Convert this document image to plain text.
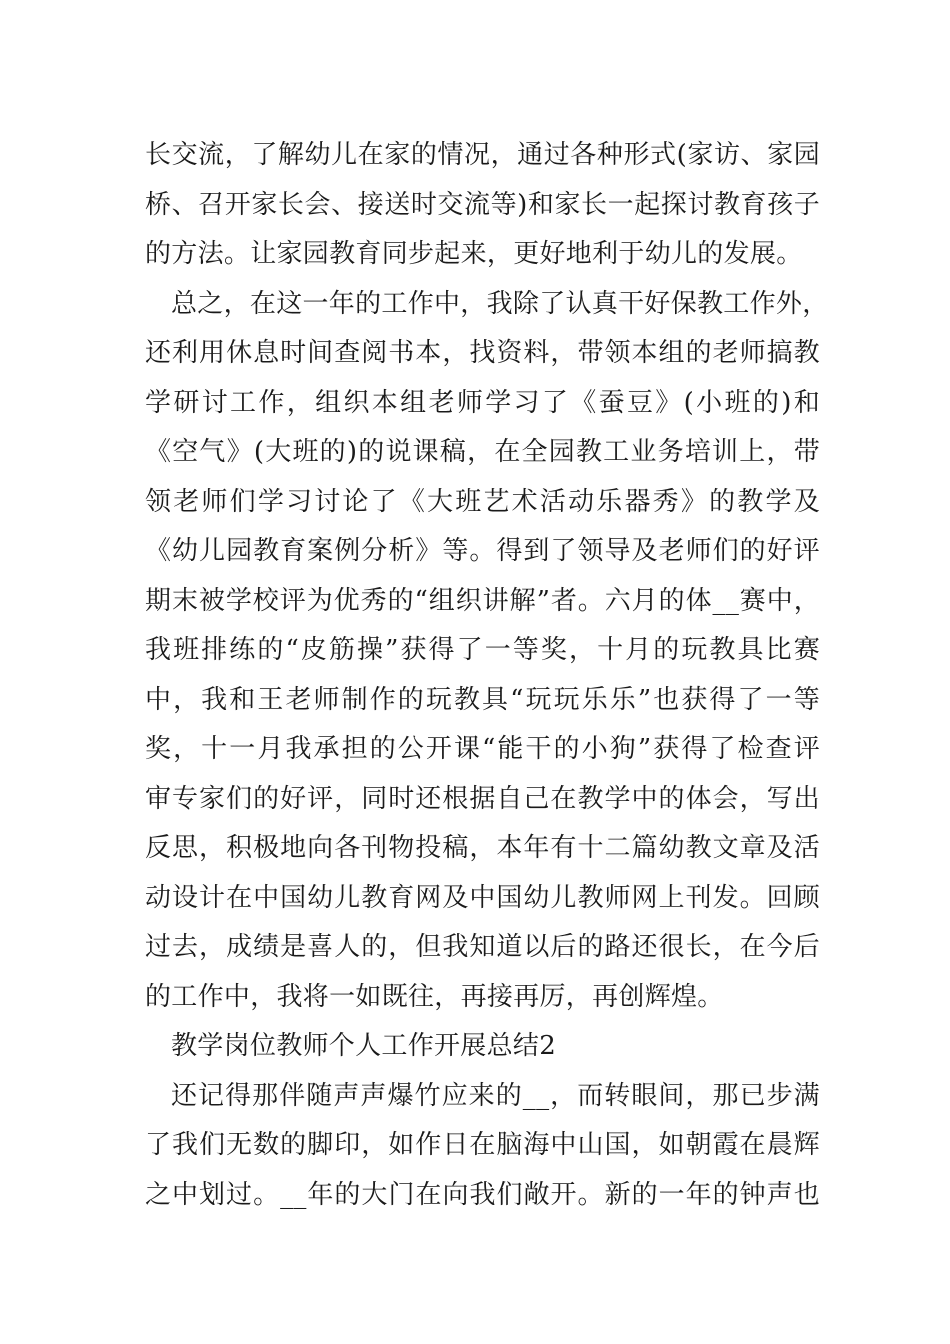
长交流，了解幼儿在家的情况，通过各种形式(家访、家园
桥、召开家长会、接送时交流等)和家长一起探讨教育孩子
的方法。让家园教育同步起来，更好地利于幼儿的发展。
总之，在这一年的工作中，我除了认真干好保教工作外，
还利用休息时间查阅书本，找资料，带领本组的老师搞教
学研讨工作，组织本组老师学习了《蚕豆》(小班的)和
《空气》(大班的)的说课稿，在全园教工业务培训上，带
领老师们学习讨论了《大班艺术活动乐器秀》的教学及
《幼儿园教育案例分析》等。得到了领导及老师们的好评
期末被学校评为优秀的“组织讲解”者。六月的体__赛中，
我班排练的“皮筋操”获得了一等奖，十月的玩教具比赛
中，我和王老师制作的玩教具“玩玩乐乐”也获得了一等
奖，十一月我承担的公开课“能干的小狗”获得了检查评
审专家们的好评，同时还根据自己在教学中的体会，写出
反思，积极地向各刊物投稿，本年有十二篇幼教文章及活
动设计在中国幼儿教育网及中国幼儿教师网上刊发。回顾
过去，成绩是喜人的，但我知道以后的路还很长，在今后
的工作中，我将一如既往，再接再厉，再创辉煌。
教学岗位教师个人工作开展总结2
还记得那伴随声声爆竹应来的__，而转眼间，那已步满
了我们无数的脚印，如作日在脑海中山国，如朝霞在晨辉
之中划过。__年的大门在向我们敞开。新的一年的钟声也
